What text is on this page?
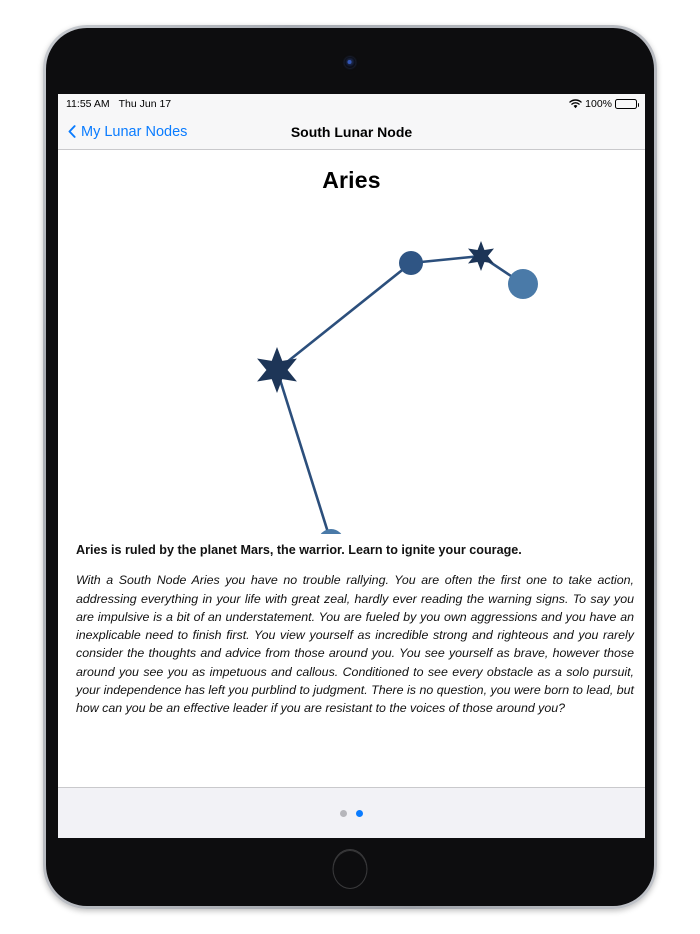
11:55 AM Thu Jun 17	100%
My Lunar Nodes	South Lunar Node
Aries

Aries is ruled by the planet Mars, the warrior. Learn to ignite your courage.

With a South Node Aries you have no trouble rallying. You are often the first one to take action, addressing everything in your life with great zeal, hardly ever reading the warning signs. To say you are impulsive is a bit of an understatement. You are fueled by you own aggressions and you have an inexplicable need to finish first. You view yourself as incredible strong and righteous and you rarely consider the thoughts and advice from those around you. You see yourself as brave, however those around you see you as impetuous and callous. Conditioned to see every obstacle as a solo pursuit, your independence has left you purblind to judgment. There is no question, you were born to lead, but how can you be an effective leader if you are resistant to the voices of those around you?
